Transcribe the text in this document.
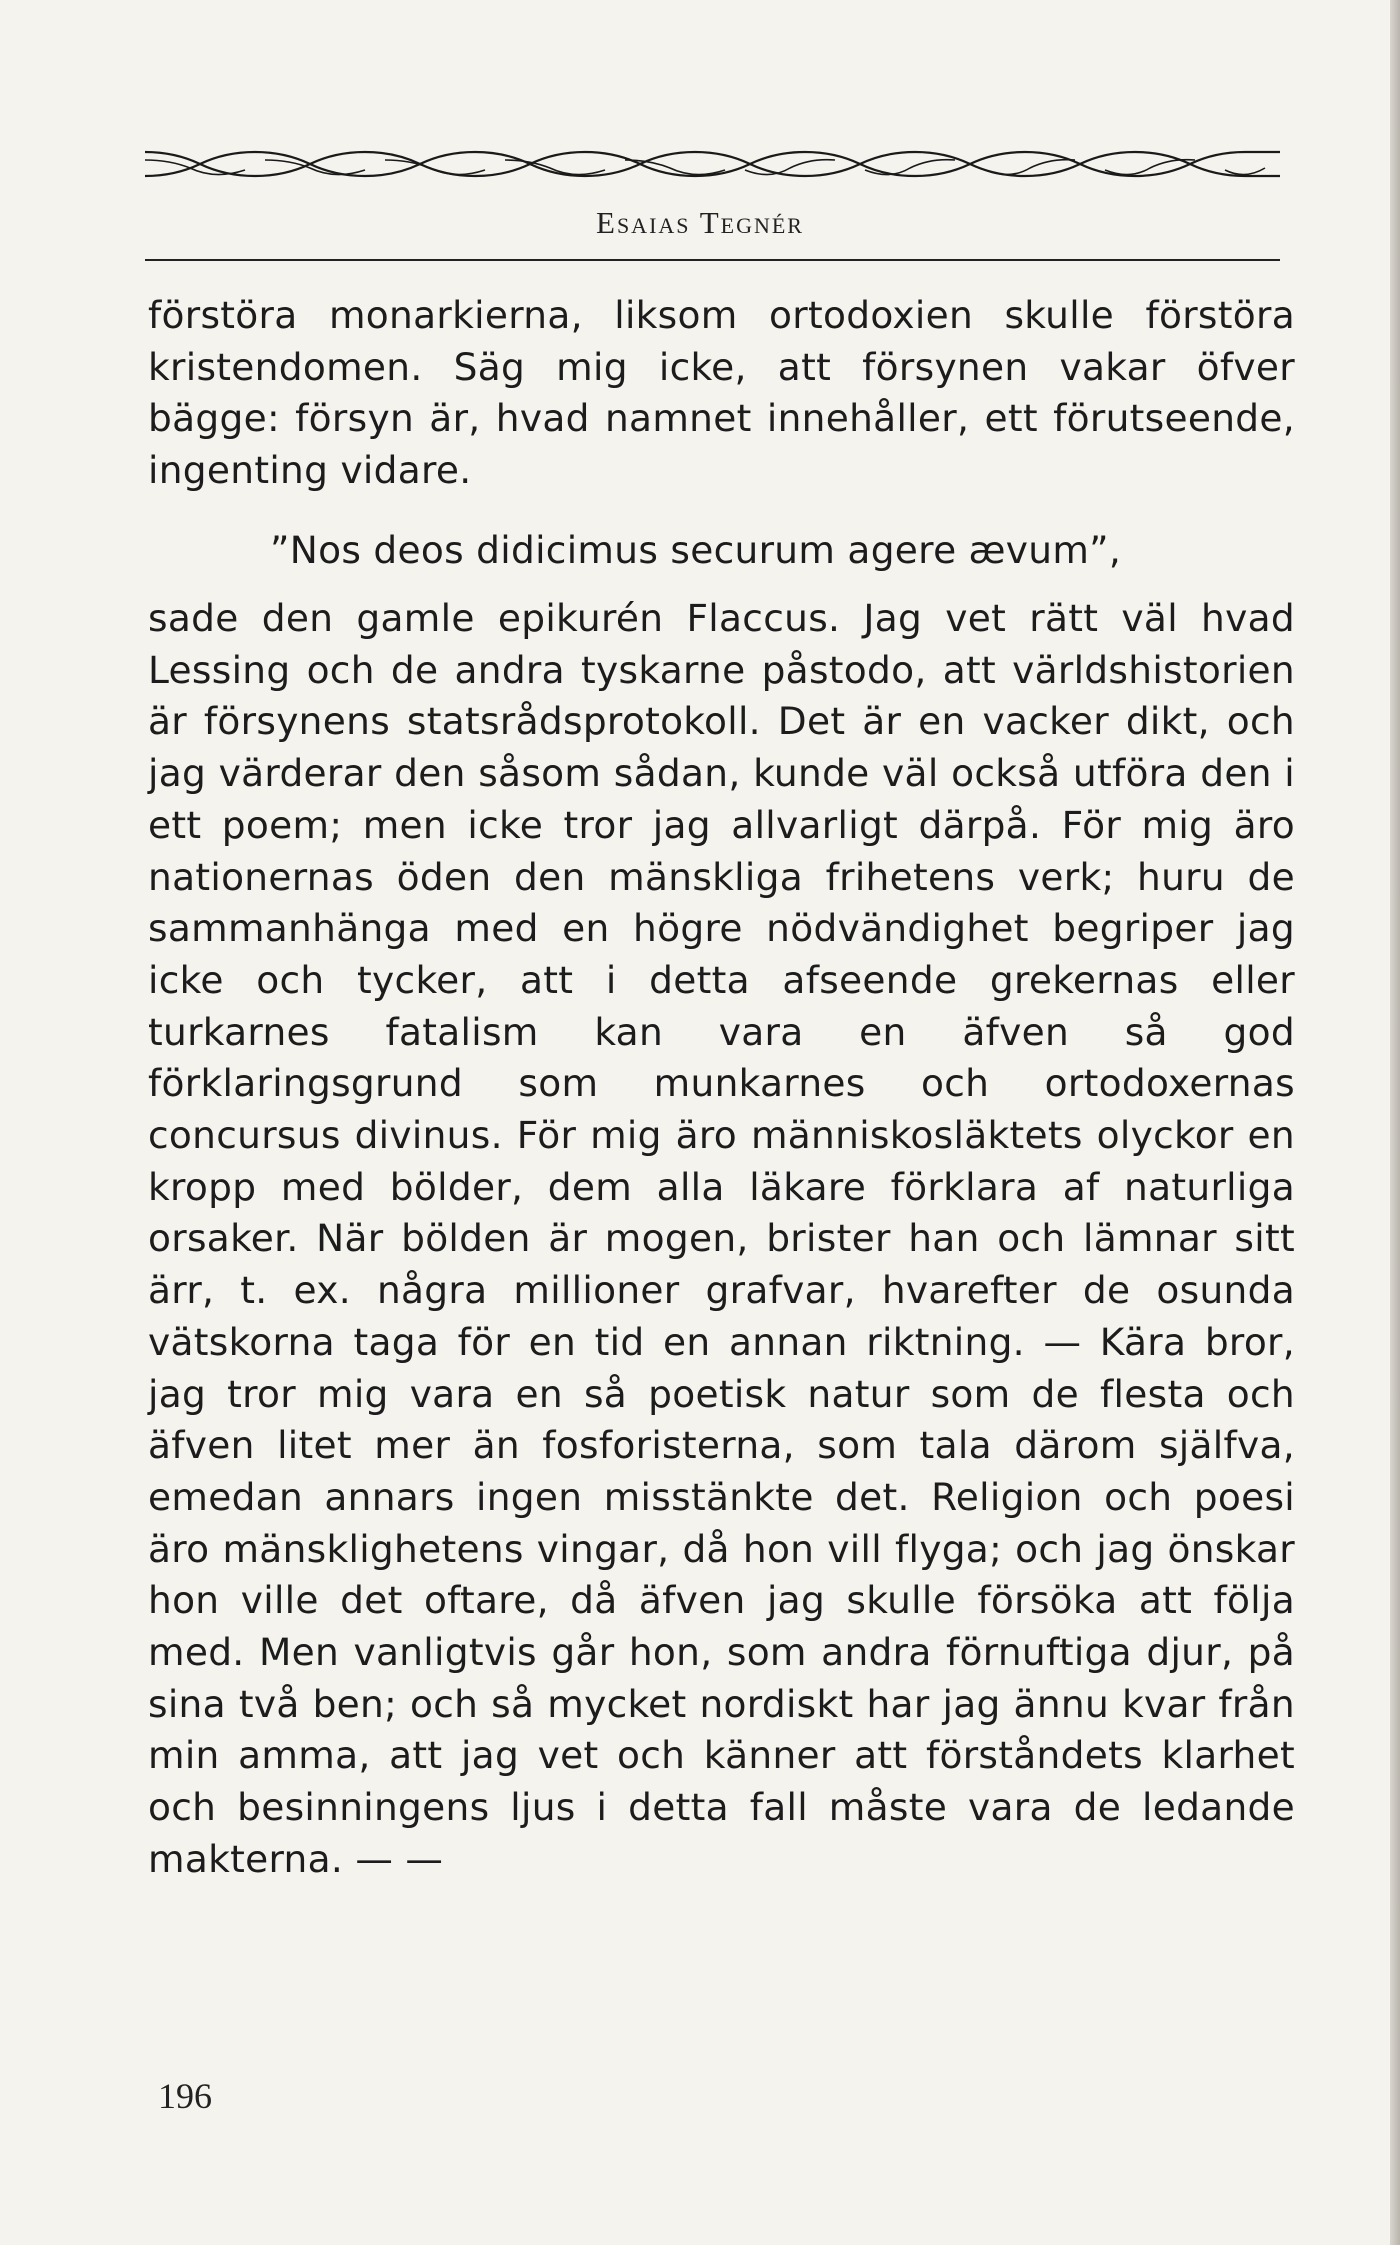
Esaias Tegnér

förstöra monarkierna, liksom ortodoxien skulle förstöra kristendomen. Säg mig icke, att försynen vakar öfver bägge: försyn är, hvad namnet innehåller, ett förutseende, ingenting vidare.

”Nos deos didicimus securum agere ævum”,

sade den gamle epikurén Flaccus. Jag vet rätt väl hvad Lessing och de andra tyskarne påstodo, att världshistorien är försynens statsrådsprotokoll. Det är en vacker dikt, och jag värderar den såsom sådan, kunde väl också utföra den i ett poem; men icke tror jag allvarligt därpå. För mig äro nationernas öden den mänskliga frihetens verk; huru de sammanhänga med en högre nödvändighet begriper jag icke och tycker, att i detta afseende grekernas eller turkarnes fatalism kan vara en äfven så god förklaringsgrund som munkarnes och ortodoxernas concursus divinus. För mig äro människosläktets olyckor en kropp med bölder, dem alla läkare förklara af naturliga orsaker. När bölden är mogen, brister han och lämnar sitt ärr, t. ex. några millioner grafvar, hvarefter de osunda vätskorna taga för en tid en annan riktning. — Kära bror, jag tror mig vara en så poetisk natur som de flesta och äfven litet mer än fosforisterna, som tala därom själfva, emedan annars ingen misstänkte det. Religion och poesi äro mänsklighetens vingar, då hon vill flyga; och jag önskar hon ville det oftare, då äfven jag skulle försöka att följa med. Men vanligtvis går hon, som andra förnuftiga djur, på sina två ben; och så mycket nordiskt har jag ännu kvar från min amma, att jag vet och känner att förståndets klarhet och besinningens ljus i detta fall måste vara de ledande makterna. — —

196
